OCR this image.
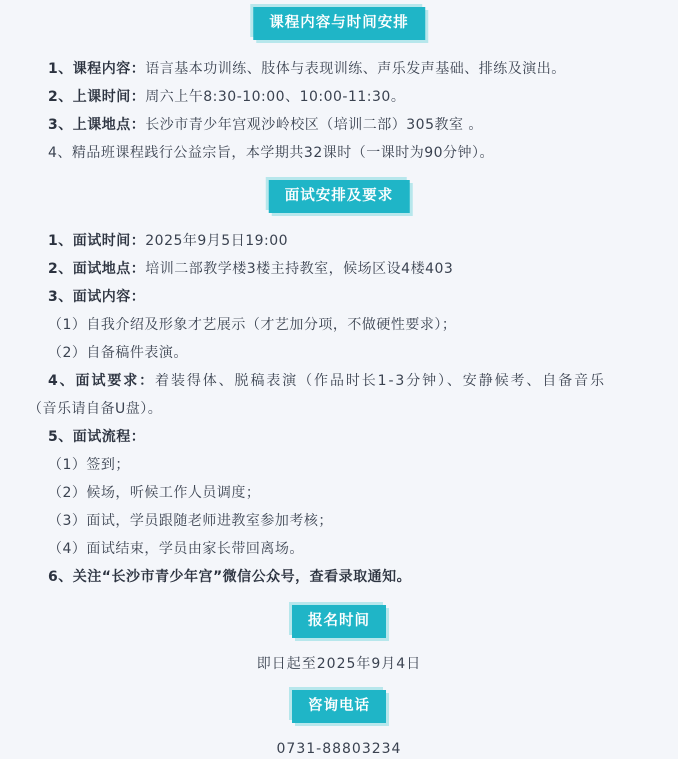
课程内容与时间安排
1、课程内容：语言基本功训练、肢体与表现训练、声乐发声基础、排练及演出。
2、上课时间：周六上午8:30-10:00、10:00-11:30。
3、上课地点：长沙市青少年宫观沙岭校区（培训二部）305教室 。
4、精品班课程践行公益宗旨，本学期共32课时（一课时为90分钟）。
面试安排及要求
1、面试时间：2025年9月5日19:00
2、面试地点：培训二部教学楼3楼主持教室，候场区设4楼403
3、面试内容：
（1）自我介绍及形象才艺展示（才艺加分项，不做硬性要求）；
（2）自备稿件表演。
4、面试要求：着装得体、脱稿表演（作品时长1-3分钟）、安静候考、自备音乐
（音乐请自备U盘）。
5、面试流程：
（1）签到；
（2）候场，听候工作人员调度；
（3）面试，学员跟随老师进教室参加考核；
（4）面试结束，学员由家长带回离场。
6、关注“长沙市青少年宫”微信公众号，查看录取通知。
报名时间
即日起至2025年9月4日
咨询电话
0731-88803234
